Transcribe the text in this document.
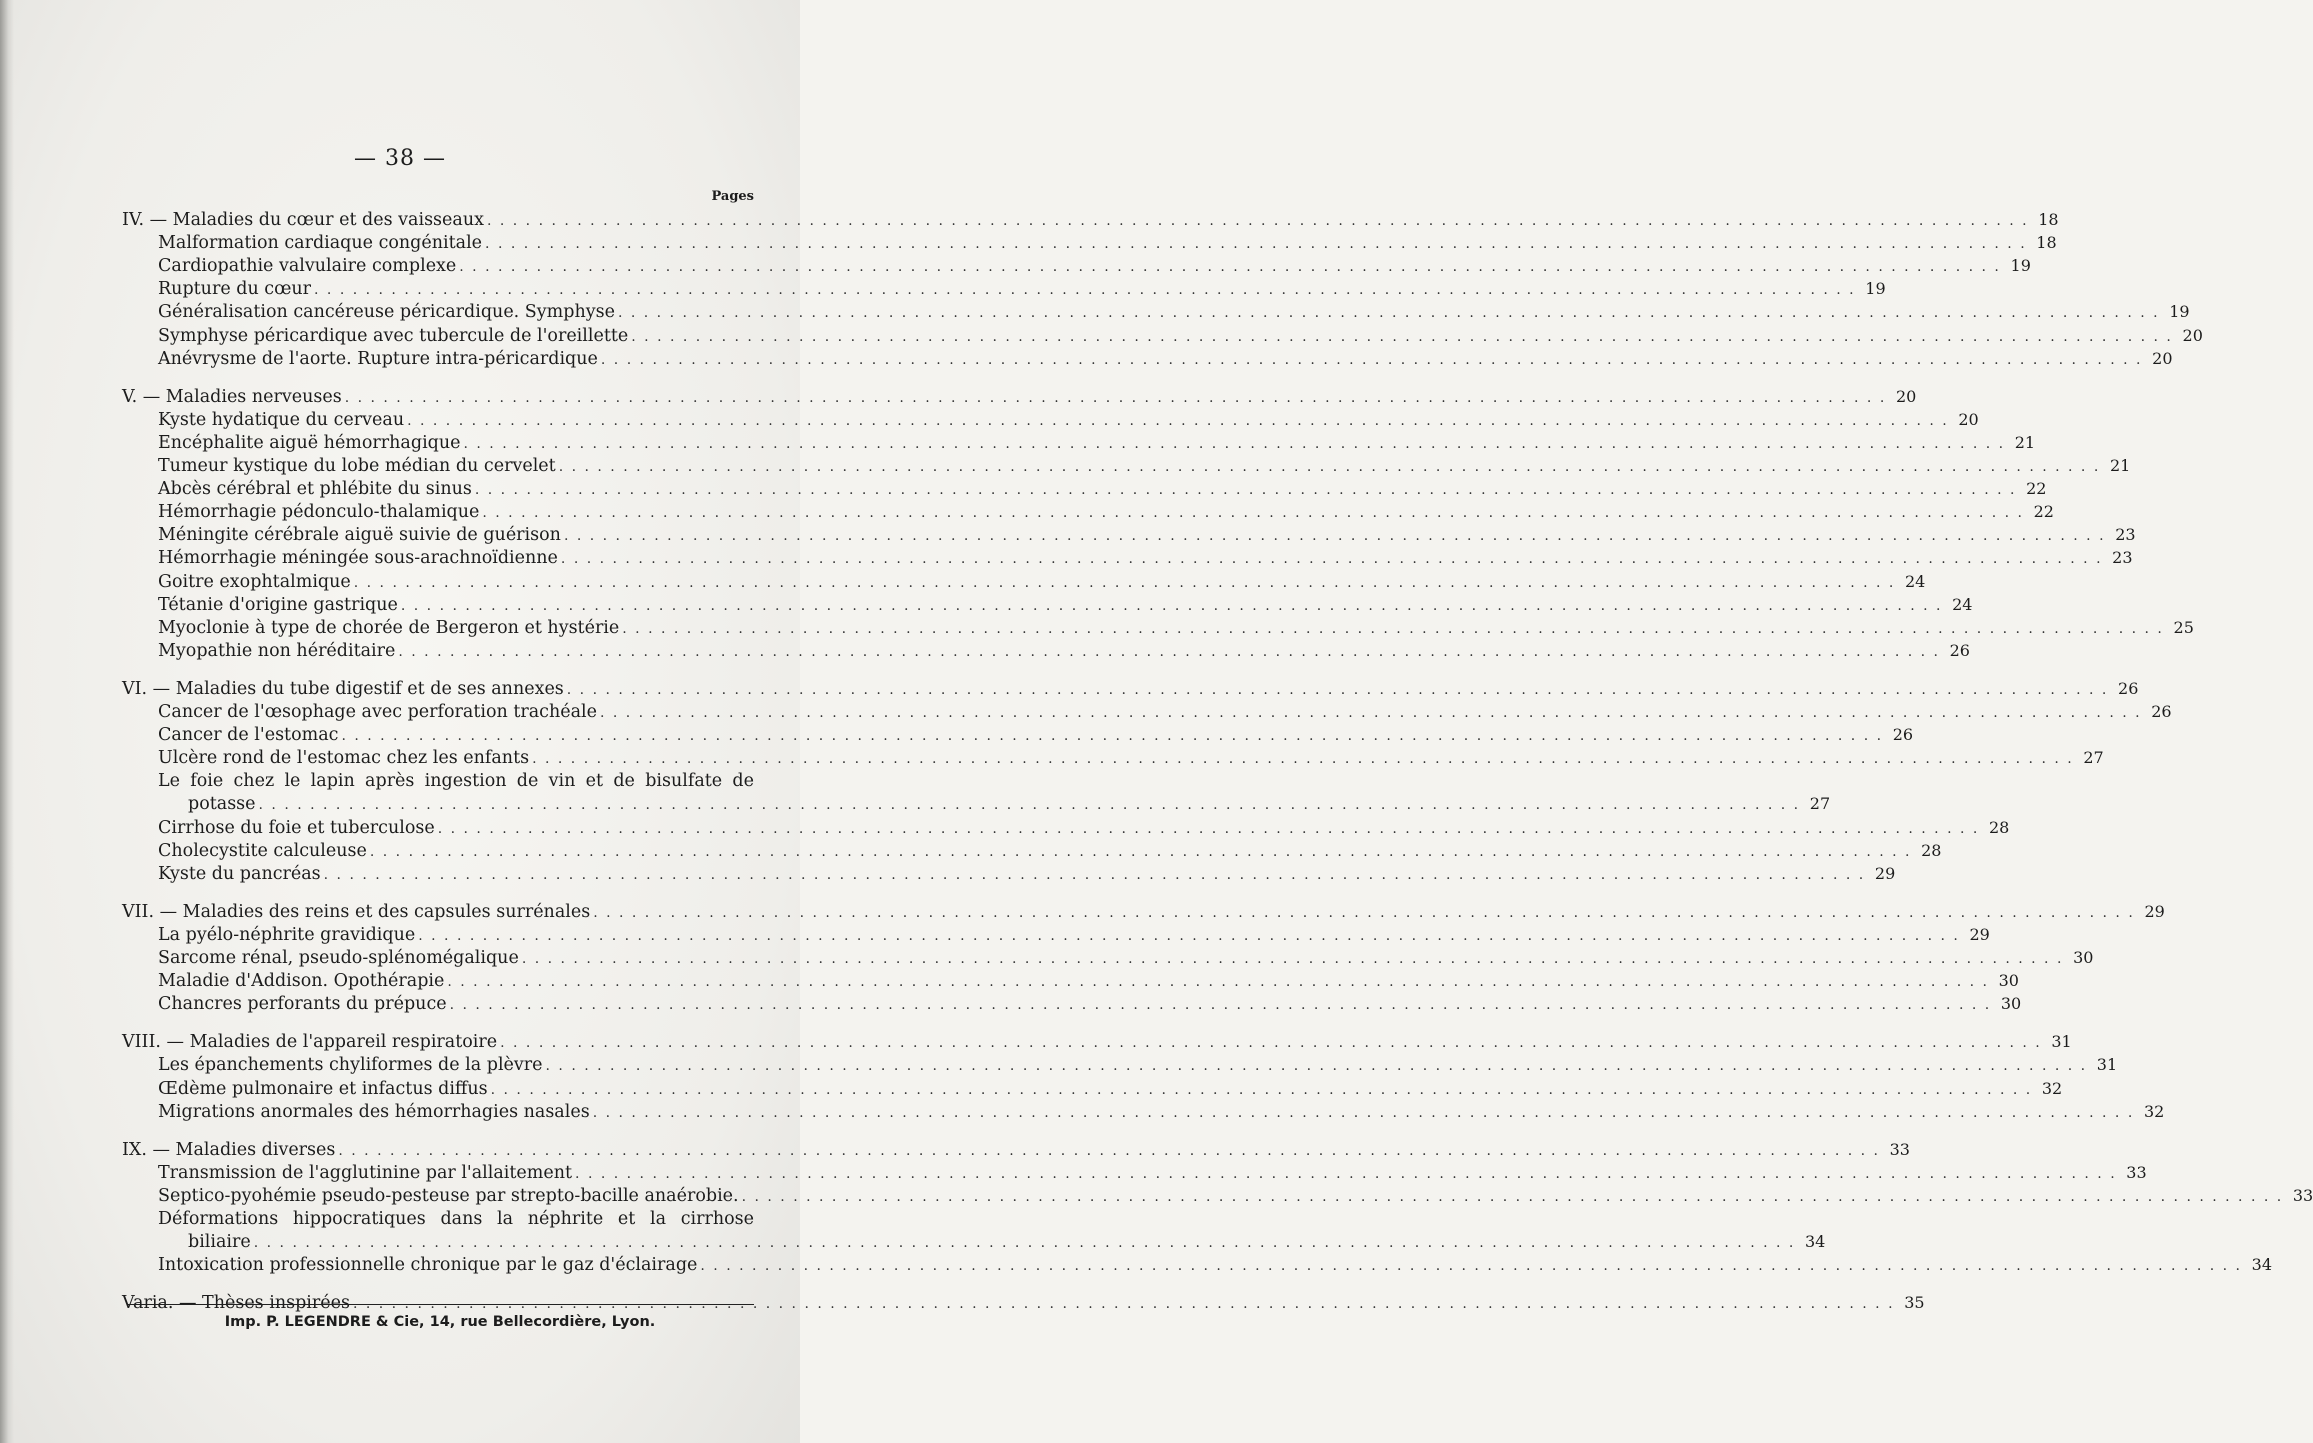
— 38 —
Pages
IV. — Maladies du cœur et des vaisseaux . . . . . . . . . . . . . . . . . . . . . . . . . . . . . . . . . . . . . . . . . . . . . . . . . . . . . . . . . . . . . . . . . . . . . . . . . . . . . . . . . . . . . . . . . . . . . . . . . . . . . . . . . . . . . . . . . . . . . . . . 18
Malformation cardiaque congénitale . . . . . . . . . . . . . . . . . . . . . . . . . . . . . . . . . . . . . . . . . . . . . . . . . . . . . . . . . . . . . . . . . . . . . . . . . . . . . . . . . . . . . . . . . . . . . . . . . . . . . . . . . . . . . . . . . . . . . . . . 18
Cardiopathie valvulaire complexe . . . . . . . . . . . . . . . . . . . . . . . . . . . . . . . . . . . . . . . . . . . . . . . . . . . . . . . . . . . . . . . . . . . . . . . . . . . . . . . . . . . . . . . . . . . . . . . . . . . . . . . . . . . . . . . . . . . . . . . . 19
Rupture du cœur . . . . . . . . . . . . . . . . . . . . . . . . . . . . . . . . . . . . . . . . . . . . . . . . . . . . . . . . . . . . . . . . . . . . . . . . . . . . . . . . . . . . . . . . . . . . . . . . . . . . . . . . . . . . . . . . . . . . . . . . 19
Généralisation cancéreuse péricardique. Symphyse . . . . . . . . . . . . . . . . . . . . . . . . . . . . . . . . . . . . . . . . . . . . . . . . . . . . . . . . . . . . . . . . . . . . . . . . . . . . . . . . . . . . . . . . . . . . . . . . . . . . . . . . . . . . . . . . . . . . . . . . 19
Symphyse péricardique avec tubercule de l'oreillette . . . . . . . . . . . . . . . . . . . . . . . . . . . . . . . . . . . . . . . . . . . . . . . . . . . . . . . . . . . . . . . . . . . . . . . . . . . . . . . . . . . . . . . . . . . . . . . . . . . . . . . . . . . . . . . . . . . . . . . . 20
Anévrysme de l'aorte. Rupture intra-péricardique . . . . . . . . . . . . . . . . . . . . . . . . . . . . . . . . . . . . . . . . . . . . . . . . . . . . . . . . . . . . . . . . . . . . . . . . . . . . . . . . . . . . . . . . . . . . . . . . . . . . . . . . . . . . . . . . . . . . . . . . 20
V. — Maladies nerveuses . . . . . . . . . . . . . . . . . . . . . . . . . . . . . . . . . . . . . . . . . . . . . . . . . . . . . . . . . . . . . . . . . . . . . . . . . . . . . . . . . . . . . . . . . . . . . . . . . . . . . . . . . . . . . . . . . . . . . . . . 20
Kyste hydatique du cerveau . . . . . . . . . . . . . . . . . . . . . . . . . . . . . . . . . . . . . . . . . . . . . . . . . . . . . . . . . . . . . . . . . . . . . . . . . . . . . . . . . . . . . . . . . . . . . . . . . . . . . . . . . . . . . . . . . . . . . . . . 20
Encéphalite aiguë hémorrhagique . . . . . . . . . . . . . . . . . . . . . . . . . . . . . . . . . . . . . . . . . . . . . . . . . . . . . . . . . . . . . . . . . . . . . . . . . . . . . . . . . . . . . . . . . . . . . . . . . . . . . . . . . . . . . . . . . . . . . . . . 21
Tumeur kystique du lobe médian du cervelet . . . . . . . . . . . . . . . . . . . . . . . . . . . . . . . . . . . . . . . . . . . . . . . . . . . . . . . . . . . . . . . . . . . . . . . . . . . . . . . . . . . . . . . . . . . . . . . . . . . . . . . . . . . . . . . . . . . . . . . . 21
Abcès cérébral et phlébite du sinus . . . . . . . . . . . . . . . . . . . . . . . . . . . . . . . . . . . . . . . . . . . . . . . . . . . . . . . . . . . . . . . . . . . . . . . . . . . . . . . . . . . . . . . . . . . . . . . . . . . . . . . . . . . . . . . . . . . . . . . . 22
Hémorrhagie pédonculo-thalamique . . . . . . . . . . . . . . . . . . . . . . . . . . . . . . . . . . . . . . . . . . . . . . . . . . . . . . . . . . . . . . . . . . . . . . . . . . . . . . . . . . . . . . . . . . . . . . . . . . . . . . . . . . . . . . . . . . . . . . . . 22
Méningite cérébrale aiguë suivie de guérison . . . . . . . . . . . . . . . . . . . . . . . . . . . . . . . . . . . . . . . . . . . . . . . . . . . . . . . . . . . . . . . . . . . . . . . . . . . . . . . . . . . . . . . . . . . . . . . . . . . . . . . . . . . . . . . . . . . . . . . . 23
Hémorrhagie méningée sous-arachnoïdienne . . . . . . . . . . . . . . . . . . . . . . . . . . . . . . . . . . . . . . . . . . . . . . . . . . . . . . . . . . . . . . . . . . . . . . . . . . . . . . . . . . . . . . . . . . . . . . . . . . . . . . . . . . . . . . . . . . . . . . . . 23
Goitre exophtalmique . . . . . . . . . . . . . . . . . . . . . . . . . . . . . . . . . . . . . . . . . . . . . . . . . . . . . . . . . . . . . . . . . . . . . . . . . . . . . . . . . . . . . . . . . . . . . . . . . . . . . . . . . . . . . . . . . . . . . . . . 24
Tétanie d'origine gastrique . . . . . . . . . . . . . . . . . . . . . . . . . . . . . . . . . . . . . . . . . . . . . . . . . . . . . . . . . . . . . . . . . . . . . . . . . . . . . . . . . . . . . . . . . . . . . . . . . . . . . . . . . . . . . . . . . . . . . . . . 24
Myoclonie à type de chorée de Bergeron et hystérie . . . . . . . . . . . . . . . . . . . . . . . . . . . . . . . . . . . . . . . . . . . . . . . . . . . . . . . . . . . . . . . . . . . . . . . . . . . . . . . . . . . . . . . . . . . . . . . . . . . . . . . . . . . . . . . . . . . . . . . . 25
Myopathie non héréditaire . . . . . . . . . . . . . . . . . . . . . . . . . . . . . . . . . . . . . . . . . . . . . . . . . . . . . . . . . . . . . . . . . . . . . . . . . . . . . . . . . . . . . . . . . . . . . . . . . . . . . . . . . . . . . . . . . . . . . . . . 26
VI. — Maladies du tube digestif et de ses annexes . . . . . . . . . . . . . . . . . . . . . . . . . . . . . . . . . . . . . . . . . . . . . . . . . . . . . . . . . . . . . . . . . . . . . . . . . . . . . . . . . . . . . . . . . . . . . . . . . . . . . . . . . . . . . . . . . . . . . . . . 26
Cancer de l'œsophage avec perforation trachéale . . . . . . . . . . . . . . . . . . . . . . . . . . . . . . . . . . . . . . . . . . . . . . . . . . . . . . . . . . . . . . . . . . . . . . . . . . . . . . . . . . . . . . . . . . . . . . . . . . . . . . . . . . . . . . . . . . . . . . . . 26
Cancer de l'estomac . . . . . . . . . . . . . . . . . . . . . . . . . . . . . . . . . . . . . . . . . . . . . . . . . . . . . . . . . . . . . . . . . . . . . . . . . . . . . . . . . . . . . . . . . . . . . . . . . . . . . . . . . . . . . . . . . . . . . . . . 26
Ulcère rond de l'estomac chez les enfants . . . . . . . . . . . . . . . . . . . . . . . . . . . . . . . . . . . . . . . . . . . . . . . . . . . . . . . . . . . . . . . . . . . . . . . . . . . . . . . . . . . . . . . . . . . . . . . . . . . . . . . . . . . . . . . . . . . . . . . . 27
Le foie chez le lapin après ingestion de vin et de bisulfate de
potasse . . . . . . . . . . . . . . . . . . . . . . . . . . . . . . . . . . . . . . . . . . . . . . . . . . . . . . . . . . . . . . . . . . . . . . . . . . . . . . . . . . . . . . . . . . . . . . . . . . . . . . . . . . . . . . . . . . . . . . . . 27
Cirrhose du foie et tuberculose . . . . . . . . . . . . . . . . . . . . . . . . . . . . . . . . . . . . . . . . . . . . . . . . . . . . . . . . . . . . . . . . . . . . . . . . . . . . . . . . . . . . . . . . . . . . . . . . . . . . . . . . . . . . . . . . . . . . . . . . 28
Cholecystite calculeuse . . . . . . . . . . . . . . . . . . . . . . . . . . . . . . . . . . . . . . . . . . . . . . . . . . . . . . . . . . . . . . . . . . . . . . . . . . . . . . . . . . . . . . . . . . . . . . . . . . . . . . . . . . . . . . . . . . . . . . . . 28
Kyste du pancréas . . . . . . . . . . . . . . . . . . . . . . . . . . . . . . . . . . . . . . . . . . . . . . . . . . . . . . . . . . . . . . . . . . . . . . . . . . . . . . . . . . . . . . . . . . . . . . . . . . . . . . . . . . . . . . . . . . . . . . . . 29
VII. — Maladies des reins et des capsules surrénales . . . . . . . . . . . . . . . . . . . . . . . . . . . . . . . . . . . . . . . . . . . . . . . . . . . . . . . . . . . . . . . . . . . . . . . . . . . . . . . . . . . . . . . . . . . . . . . . . . . . . . . . . . . . . . . . . . . . . . . . 29
La pyélo-néphrite gravidique . . . . . . . . . . . . . . . . . . . . . . . . . . . . . . . . . . . . . . . . . . . . . . . . . . . . . . . . . . . . . . . . . . . . . . . . . . . . . . . . . . . . . . . . . . . . . . . . . . . . . . . . . . . . . . . . . . . . . . . . 29
Sarcome rénal, pseudo-splénomégalique . . . . . . . . . . . . . . . . . . . . . . . . . . . . . . . . . . . . . . . . . . . . . . . . . . . . . . . . . . . . . . . . . . . . . . . . . . . . . . . . . . . . . . . . . . . . . . . . . . . . . . . . . . . . . . . . . . . . . . . . 30
Maladie d'Addison. Opothérapie . . . . . . . . . . . . . . . . . . . . . . . . . . . . . . . . . . . . . . . . . . . . . . . . . . . . . . . . . . . . . . . . . . . . . . . . . . . . . . . . . . . . . . . . . . . . . . . . . . . . . . . . . . . . . . . . . . . . . . . . 30
Chancres perforants du prépuce . . . . . . . . . . . . . . . . . . . . . . . . . . . . . . . . . . . . . . . . . . . . . . . . . . . . . . . . . . . . . . . . . . . . . . . . . . . . . . . . . . . . . . . . . . . . . . . . . . . . . . . . . . . . . . . . . . . . . . . . 30
VIII. — Maladies de l'appareil respiratoire . . . . . . . . . . . . . . . . . . . . . . . . . . . . . . . . . . . . . . . . . . . . . . . . . . . . . . . . . . . . . . . . . . . . . . . . . . . . . . . . . . . . . . . . . . . . . . . . . . . . . . . . . . . . . . . . . . . . . . . . 31
Les épanchements chyliformes de la plèvre . . . . . . . . . . . . . . . . . . . . . . . . . . . . . . . . . . . . . . . . . . . . . . . . . . . . . . . . . . . . . . . . . . . . . . . . . . . . . . . . . . . . . . . . . . . . . . . . . . . . . . . . . . . . . . . . . . . . . . . . 31
Œdème pulmonaire et infactus diffus . . . . . . . . . . . . . . . . . . . . . . . . . . . . . . . . . . . . . . . . . . . . . . . . . . . . . . . . . . . . . . . . . . . . . . . . . . . . . . . . . . . . . . . . . . . . . . . . . . . . . . . . . . . . . . . . . . . . . . . . 32
Migrations anormales des hémorrhagies nasales . . . . . . . . . . . . . . . . . . . . . . . . . . . . . . . . . . . . . . . . . . . . . . . . . . . . . . . . . . . . . . . . . . . . . . . . . . . . . . . . . . . . . . . . . . . . . . . . . . . . . . . . . . . . . . . . . . . . . . . . 32
IX. — Maladies diverses . . . . . . . . . . . . . . . . . . . . . . . . . . . . . . . . . . . . . . . . . . . . . . . . . . . . . . . . . . . . . . . . . . . . . . . . . . . . . . . . . . . . . . . . . . . . . . . . . . . . . . . . . . . . . . . . . . . . . . . . 33
Transmission de l'agglutinine par l'allaitement . . . . . . . . . . . . . . . . . . . . . . . . . . . . . . . . . . . . . . . . . . . . . . . . . . . . . . . . . . . . . . . . . . . . . . . . . . . . . . . . . . . . . . . . . . . . . . . . . . . . . . . . . . . . . . . . . . . . . . . . 33
Septico-pyohémie pseudo-pesteuse par strepto-bacille anaérobie. . . . . . . . . . . . . . . . . . . . . . . . . . . . . . . . . . . . . . . . . . . . . . . . . . . . . . . . . . . . . . . . . . . . . . . . . . . . . . . . . . . . . . . . . . . . . . . . . . . . . . . . . . . . . . . . . . . . . . . . . 33
Déformations hippocratiques dans la néphrite et la cirrhose
biliaire . . . . . . . . . . . . . . . . . . . . . . . . . . . . . . . . . . . . . . . . . . . . . . . . . . . . . . . . . . . . . . . . . . . . . . . . . . . . . . . . . . . . . . . . . . . . . . . . . . . . . . . . . . . . . . . . . . . . . . . . 34
Intoxication professionnelle chronique par le gaz d'éclairage . . . . . . . . . . . . . . . . . . . . . . . . . . . . . . . . . . . . . . . . . . . . . . . . . . . . . . . . . . . . . . . . . . . . . . . . . . . . . . . . . . . . . . . . . . . . . . . . . . . . . . . . . . . . . . . . . . . . . . . . 34
Varia. — Thèses inspirées . . . . . . . . . . . . . . . . . . . . . . . . . . . . . . . . . . . . . . . . . . . . . . . . . . . . . . . . . . . . . . . . . . . . . . . . . . . . . . . . . . . . . . . . . . . . . . . . . . . . . . . . . . . . . . . . . . . . . . . . 35
Imp. P. LEGENDRE & Cie, 14, rue Bellecordière, Lyon.
